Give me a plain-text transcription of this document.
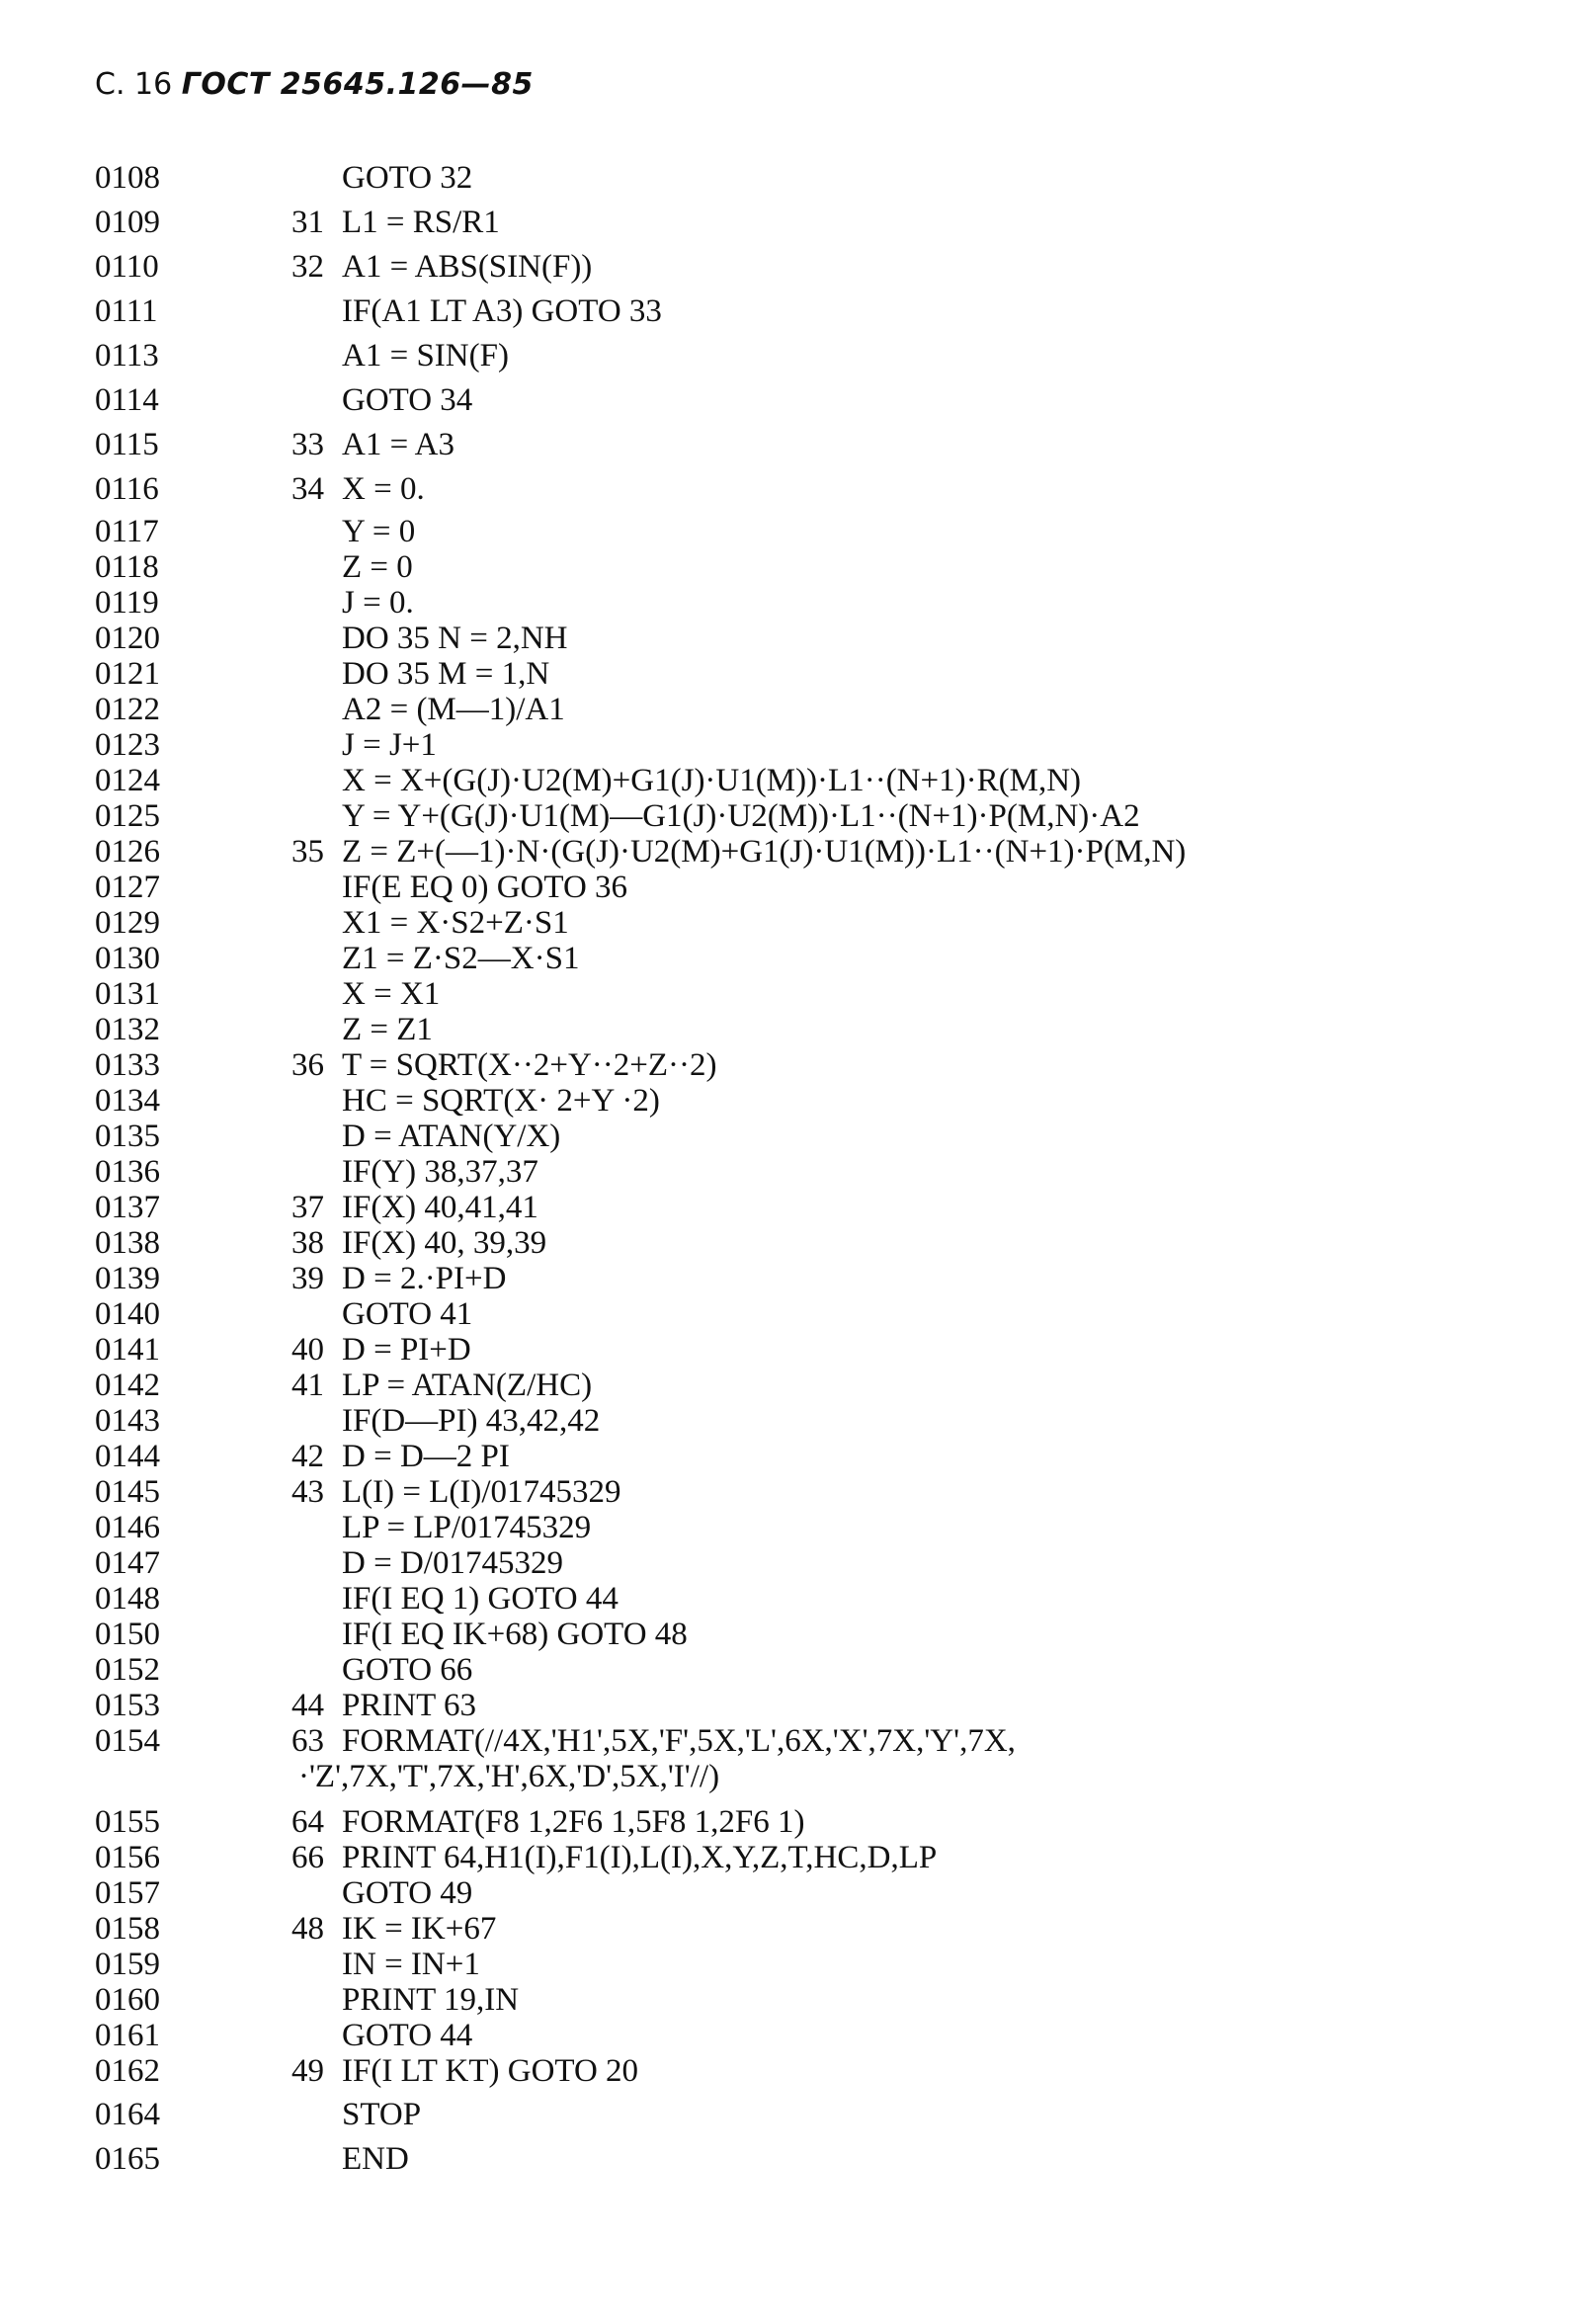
С. 16 ГОСТ 25645.126—85
0108	GOTO 32
0109	31 L1 = RS/R1
0110	32 A1 = ABS(SIN(F))
0111	IF(A1 LT A3) GOTO 33
0113	A1 = SIN(F)
0114	GOTO 34
0115	33 A1 = A3
0116	34 X = 0.
0117	Y = 0
0118	Z = 0
0119	J = 0.
0120	DO 35 N = 2,NH
0121	DO 35 M = 1,N
0122	A2 = (M—1)/A1
0123	J = J+1
0124	X = X+(G(J)·U2(M)+G1(J)·U1(M))·L1··(N+1)·R(M,N)
0125	Y = Y+(G(J)·U1(M)—G1(J)·U2(M))·L1··(N+1)·P(M,N)·A2
0126	35 Z = Z+(—1)·N·(G(J)·U2(M)+G1(J)·U1(M))·L1··(N+1)·P(M,N)
0127	IF(E EQ 0) GOTO 36
0129	X1 = X·S2+Z·S1
0130	Z1 = Z·S2—X·S1
0131	X = X1
0132	Z = Z1
0133	36 T = SQRT(X··2+Y··2+Z··2)
0134	HC = SQRT(X· 2+Y ·2)
0135	D = ATAN(Y/X)
0136	IF(Y) 38,37,37
0137	37 IF(X) 40,41,41
0138	38 IF(X) 40, 39,39
0139	39 D = 2.·PI+D
0140	GOTO 41
0141	40 D = PI+D
0142	41 LP = ATAN(Z/HC)
0143	IF(D—PI) 43,42,42
0144	42 D = D—2 PI
0145	43 L(I) = L(I)/01745329
0146	LP = LP/01745329
0147	D = D/01745329
0148	IF(I EQ 1) GOTO 44
0150	IF(I EQ IK+68) GOTO 48
0152	GOTO 66
0153	44 PRINT 63
0154	63 FORMAT(//4X,'H1',5X,'F',5X,'L',6X,'X',7X,'Y',7X,
·'Z',7X,'T',7X,'H',6X,'D',5X,'I'//)
0155	64 FORMAT(F8 1,2F6 1,5F8 1,2F6 1)
0156	66 PRINT 64,H1(I),F1(I),L(I),X,Y,Z,T,HC,D,LP
0157	GOTO 49
0158	48 IK = IK+67
0159	IN = IN+1
0160	PRINT 19,IN
0161	GOTO 44
0162	49 IF(I LT KT) GOTO 20
0164	STOP
0165	END
